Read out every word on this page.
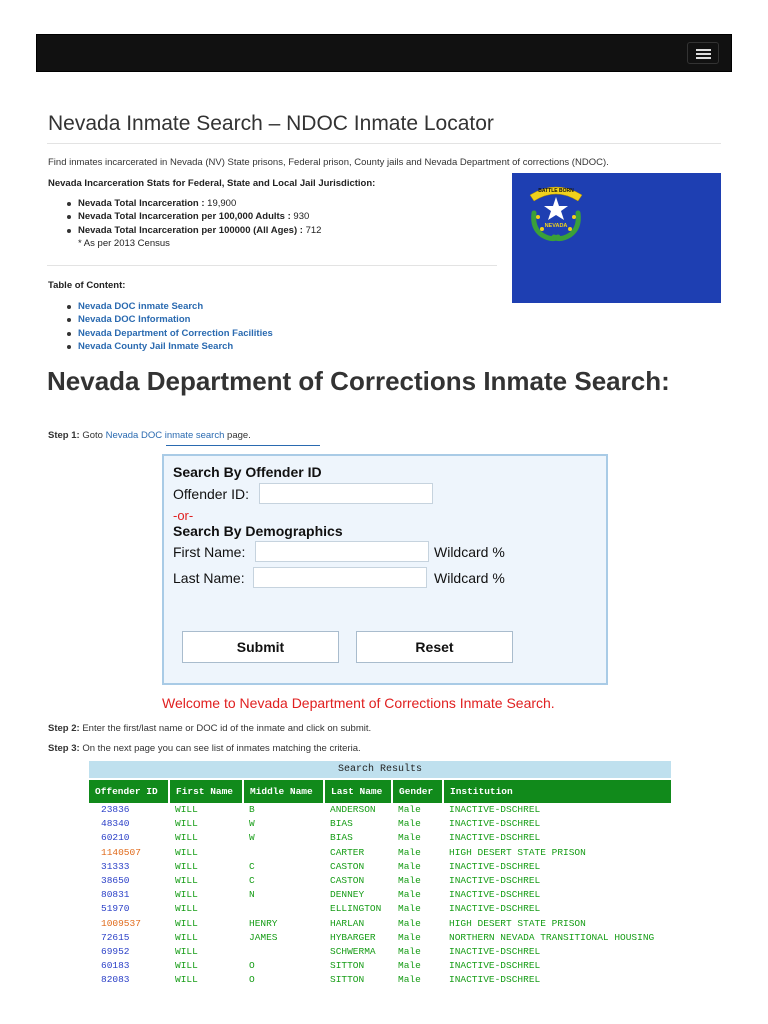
Nevada Inmate Search – NDOC Inmate Locator
Find inmates incarcerated in Nevada (NV) State prisons, Federal prison, County jails and Nevada Department of corrections (NDOC).
Nevada Incarceration Stats for Federal, State and Local Jail Jurisdiction:
Nevada Total Incarceration : 19,900
Nevada Total Incarceration per 100,000 Adults : 930
Nevada Total Incarceration per 100000 (All Ages) : 712
* As per 2013 Census
Table of Content:
Nevada DOC inmate Search
Nevada DOC Information
Nevada Department of Correction Facilities
Nevada County Jail Inmate Search
BATTLE BORN
NEVADA
Nevada Department of Corrections Inmate Search:
Step 1: Goto Nevada DOC inmate search page.
Search By Offender ID
Offender ID:
-or-
Search By Demographics
First Name:	Wildcard %
Last Name:	Wildcard %
Submit	Reset
Welcome to Nevada Department of Corrections Inmate Search.
Step 2: Enter the first/last name or DOC id of the inmate and click on submit.
Step 3: On the next page you can see list of inmates matching the criteria.
Search Results
Offender ID	First Name	Middle Name	Last Name	Gender	Institution
23836	WILL	B	ANDERSON	Male	INACTIVE-DSCHREL
48340	WILL	W	BIAS	Male	INACTIVE-DSCHREL
60210	WILL	W	BIAS	Male	INACTIVE-DSCHREL
1140507	WILL		CARTER	Male	HIGH DESERT STATE PRISON
31333	WILL	C	CASTON	Male	INACTIVE-DSCHREL
38650	WILL	C	CASTON	Male	INACTIVE-DSCHREL
80831	WILL	N	DENNEY	Male	INACTIVE-DSCHREL
51970	WILL		ELLINGTON	Male	INACTIVE-DSCHREL
1009537	WILL	HENRY	HARLAN	Male	HIGH DESERT STATE PRISON
72615	WILL	JAMES	HYBARGER	Male	NORTHERN NEVADA TRANSITIONAL HOUSING
69952	WILL		SCHWERMA	Male	INACTIVE-DSCHREL
60183	WILL	O	SITTON	Male	INACTIVE-DSCHREL
82083	WILL	O	SITTON	Male	INACTIVE-DSCHREL
